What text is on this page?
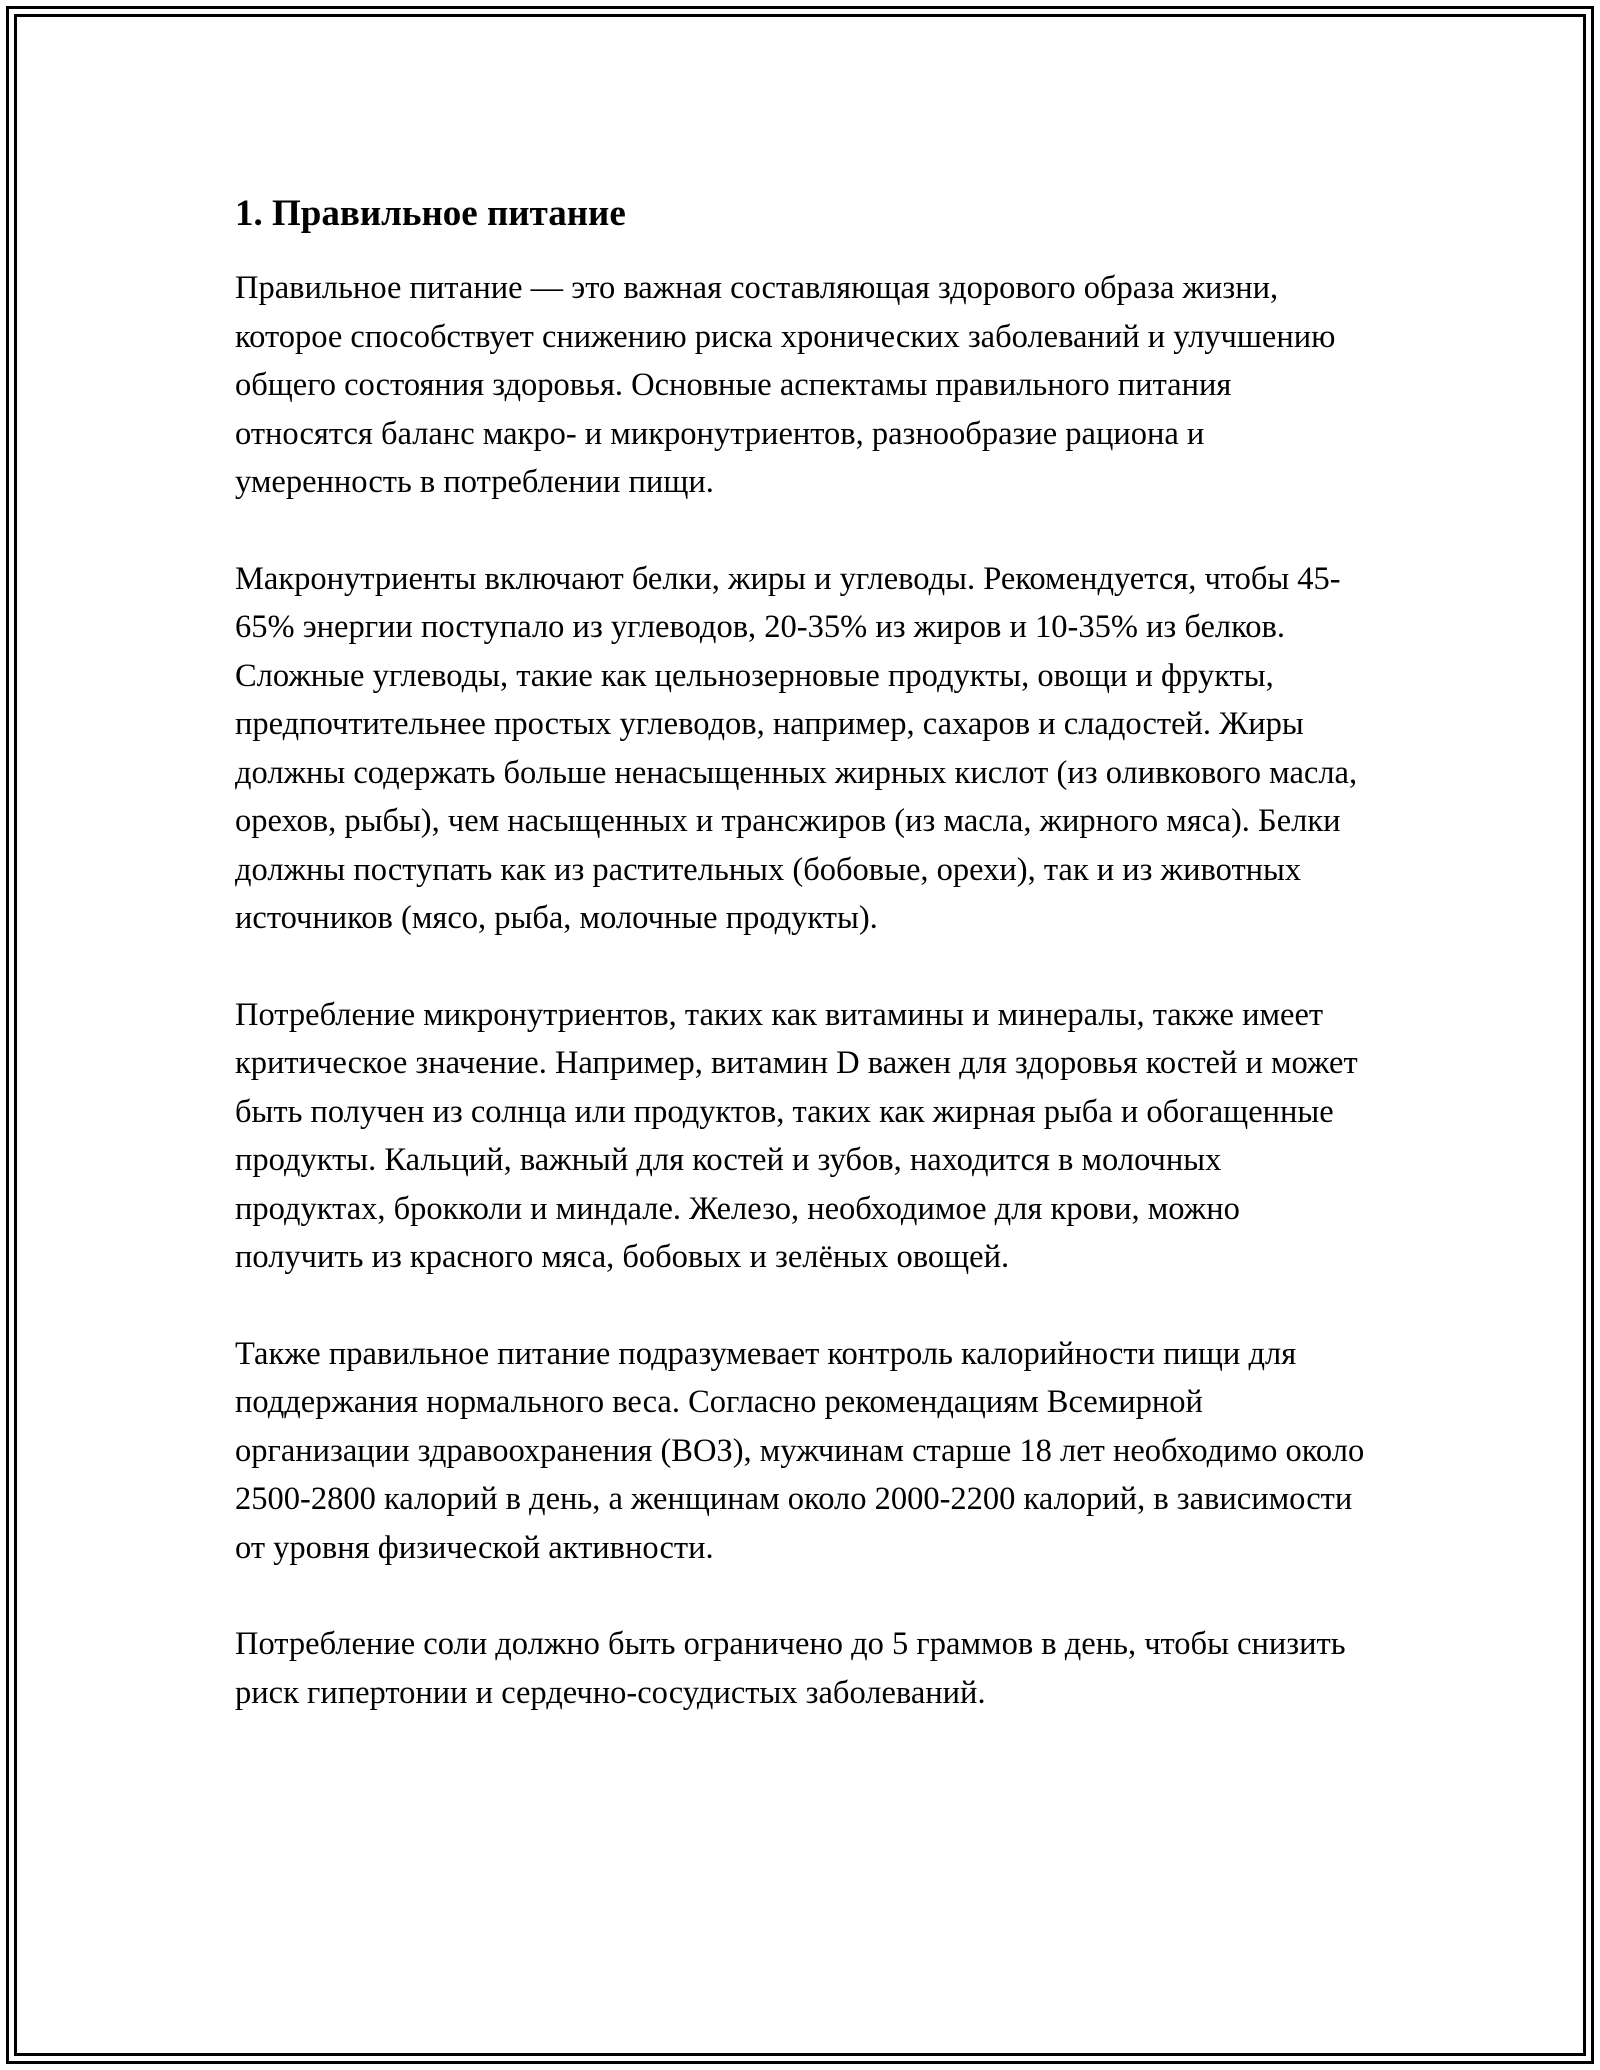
1. Правильное питание

Правильное питание — это важная составляющая здорового образа жизни, которое способствует снижению риска хронических заболеваний и улучшению общего состояния здоровья. Основные аспектамы правильного питания относятся баланс макро- и микронутриентов, разнообразие рациона и умеренность в потреблении пищи.

Макронутриенты включают белки, жиры и углеводы. Рекомендуется, чтобы 45-65% энергии поступало из углеводов, 20-35% из жиров и 10-35% из белков. Сложные углеводы, такие как цельнозерновые продукты, овощи и фрукты, предпочтительнее простых углеводов, например, сахаров и сладостей. Жиры должны содержать больше ненасыщенных жирных кислот (из оливкового масла, орехов, рыбы), чем насыщенных и трансжиров (из масла, жирного мяса). Белки должны поступать как из растительных (бобовые, орехи), так и из животных источников (мясо, рыба, молочные продукты).

Потребление микронутриентов, таких как витамины и минералы, также имеет критическое значение. Например, витамин D важен для здоровья костей и может быть получен из солнца или продуктов, таких как жирная рыба и обогащенные продукты. Кальций, важный для костей и зубов, находится в молочных продуктах, брокколи и миндале. Железо, необходимое для крови, можно получить из красного мяса, бобовых и зелёных овощей.

Также правильное питание подразумевает контроль калорийности пищи для поддержания нормального веса. Согласно рекомендациям Всемирной организации здравоохранения (ВОЗ), мужчинам старше 18 лет необходимо около 2500-2800 калорий в день, а женщинам около 2000-2200 калорий, в зависимости от уровня физической активности.

Потребление соли должно быть ограничено до 5 граммов в день, чтобы снизить риск гипертонии и сердечно-сосудистых заболеваний.
